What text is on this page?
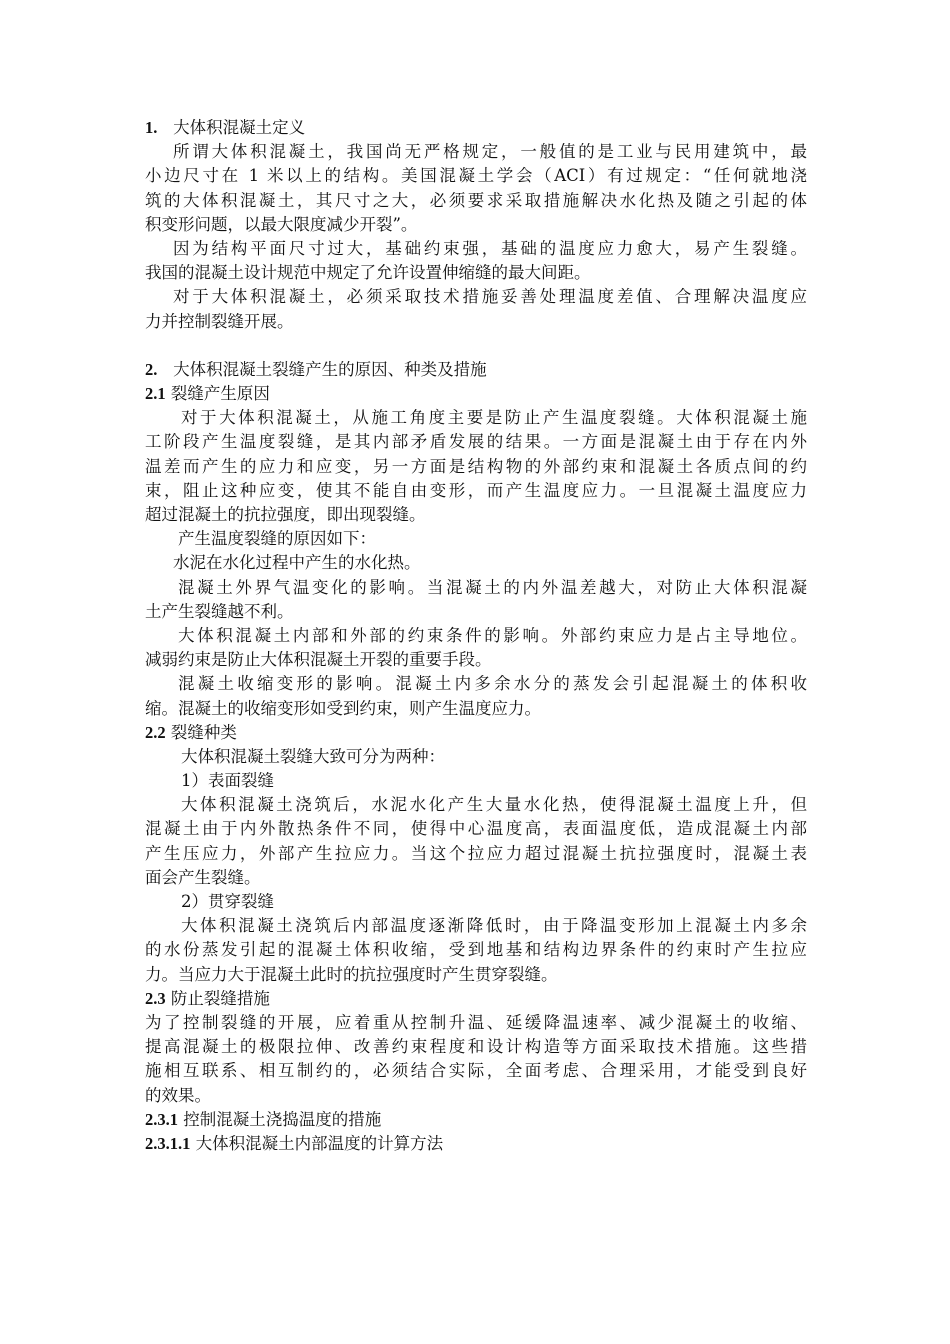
1. 大体积混凝土定义
所谓大体积混凝土，我国尚无严格规定，一般值的是工业与民用建筑中，最
小边尺寸在 1 米以上的结构。美国混凝土学会（ACI）有过规定：“任何就地浇
筑的大体积混凝土，其尺寸之大，必须要求采取措施解决水化热及随之引起的体
积变形问题，以最大限度减少开裂”。
因为结构平面尺寸过大，基础约束强，基础的温度应力愈大，易产生裂缝。
我国的混凝土设计规范中规定了允许设置伸缩缝的最大间距。
对于大体积混凝土，必须采取技术措施妥善处理温度差值、合理解决温度应
力并控制裂缝开展。
2. 大体积混凝土裂缝产生的原因、种类及措施
2.1 裂缝产生原因
对于大体积混凝土，从施工角度主要是防止产生温度裂缝。大体积混凝土施
工阶段产生温度裂缝，是其内部矛盾发展的结果。一方面是混凝土由于存在内外
温差而产生的应力和应变，另一方面是结构物的外部约束和混凝土各质点间的约
束，阻止这种应变，使其不能自由变形，而产生温度应力。一旦混凝土温度应力
超过混凝土的抗拉强度，即出现裂缝。
产生温度裂缝的原因如下：
水泥在水化过程中产生的水化热。
混凝土外界气温变化的影响。当混凝土的内外温差越大，对防止大体积混凝
土产生裂缝越不利。
大体积混凝土内部和外部的约束条件的影响。外部约束应力是占主导地位。
减弱约束是防止大体积混凝土开裂的重要手段。
混凝土收缩变形的影响。混凝土内多余水分的蒸发会引起混凝土的体积收
缩。混凝土的收缩变形如受到约束，则产生温度应力。
2.2 裂缝种类
大体积混凝土裂缝大致可分为两种：
1）表面裂缝
大体积混凝土浇筑后，水泥水化产生大量水化热，使得混凝土温度上升，但
混凝土由于内外散热条件不同，使得中心温度高，表面温度低，造成混凝土内部
产生压应力，外部产生拉应力。当这个拉应力超过混凝土抗拉强度时，混凝土表
面会产生裂缝。
2）贯穿裂缝
大体积混凝土浇筑后内部温度逐渐降低时，由于降温变形加上混凝土内多余
的水份蒸发引起的混凝土体积收缩，受到地基和结构边界条件的约束时产生拉应
力。当应力大于混凝土此时的抗拉强度时产生贯穿裂缝。
2.3 防止裂缝措施
为了控制裂缝的开展，应着重从控制升温、延缓降温速率、减少混凝土的收缩、
提高混凝土的极限拉伸、改善约束程度和设计构造等方面采取技术措施。这些措
施相互联系、相互制约的，必须结合实际，全面考虑、合理采用，才能受到良好
的效果。
2.3.1 控制混凝土浇捣温度的措施
2.3.1.1 大体积混凝土内部温度的计算方法
